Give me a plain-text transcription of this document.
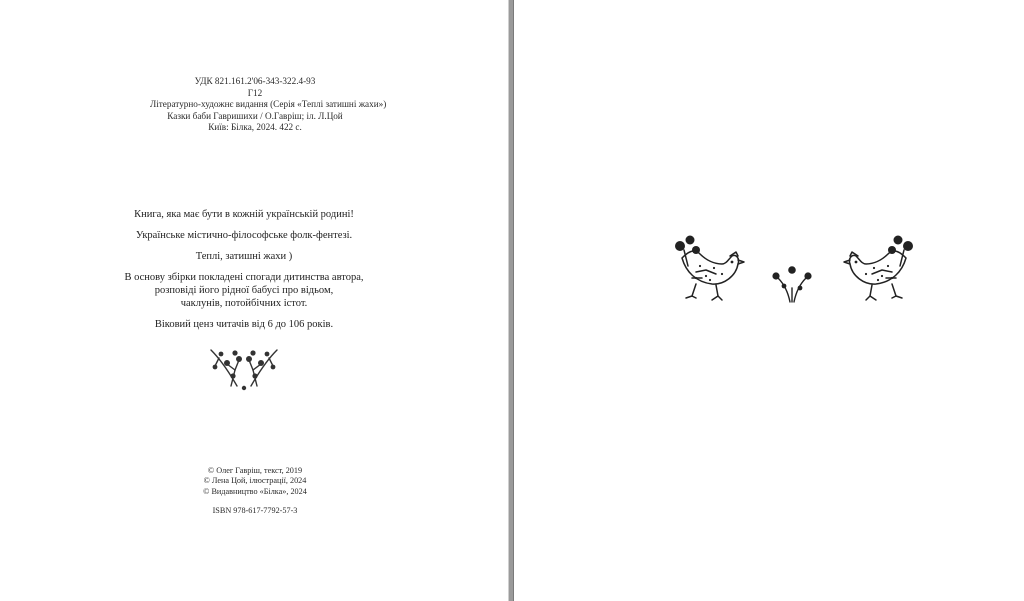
УДК 821.161.2'06-343-322.4-93
Г12
Літературно-художнє видання (Серія «Теплі затишні жахи»)
Казки баби Гавришихи / О.Гавріш; іл. Л.Цой
Київ: Білка, 2024. 422 с.
Книга, яка має бути в кожній українській родині!
Українське містично-філософське фолк-фентезі.
Теплі, затишні жахи )
В основу збірки покладені спогади дитинства автора,
розповіді його рідної бабусі про відьом,
чаклунів, потойбічних істот.
Віковий ценз читачів від 6 до 106 років.
© Олег Гавріш, текст, 2019
© Лена Цой, ілюстрації, 2024
© Видавництво «Білка», 2024
ISBN 978-617-7792-57-3
